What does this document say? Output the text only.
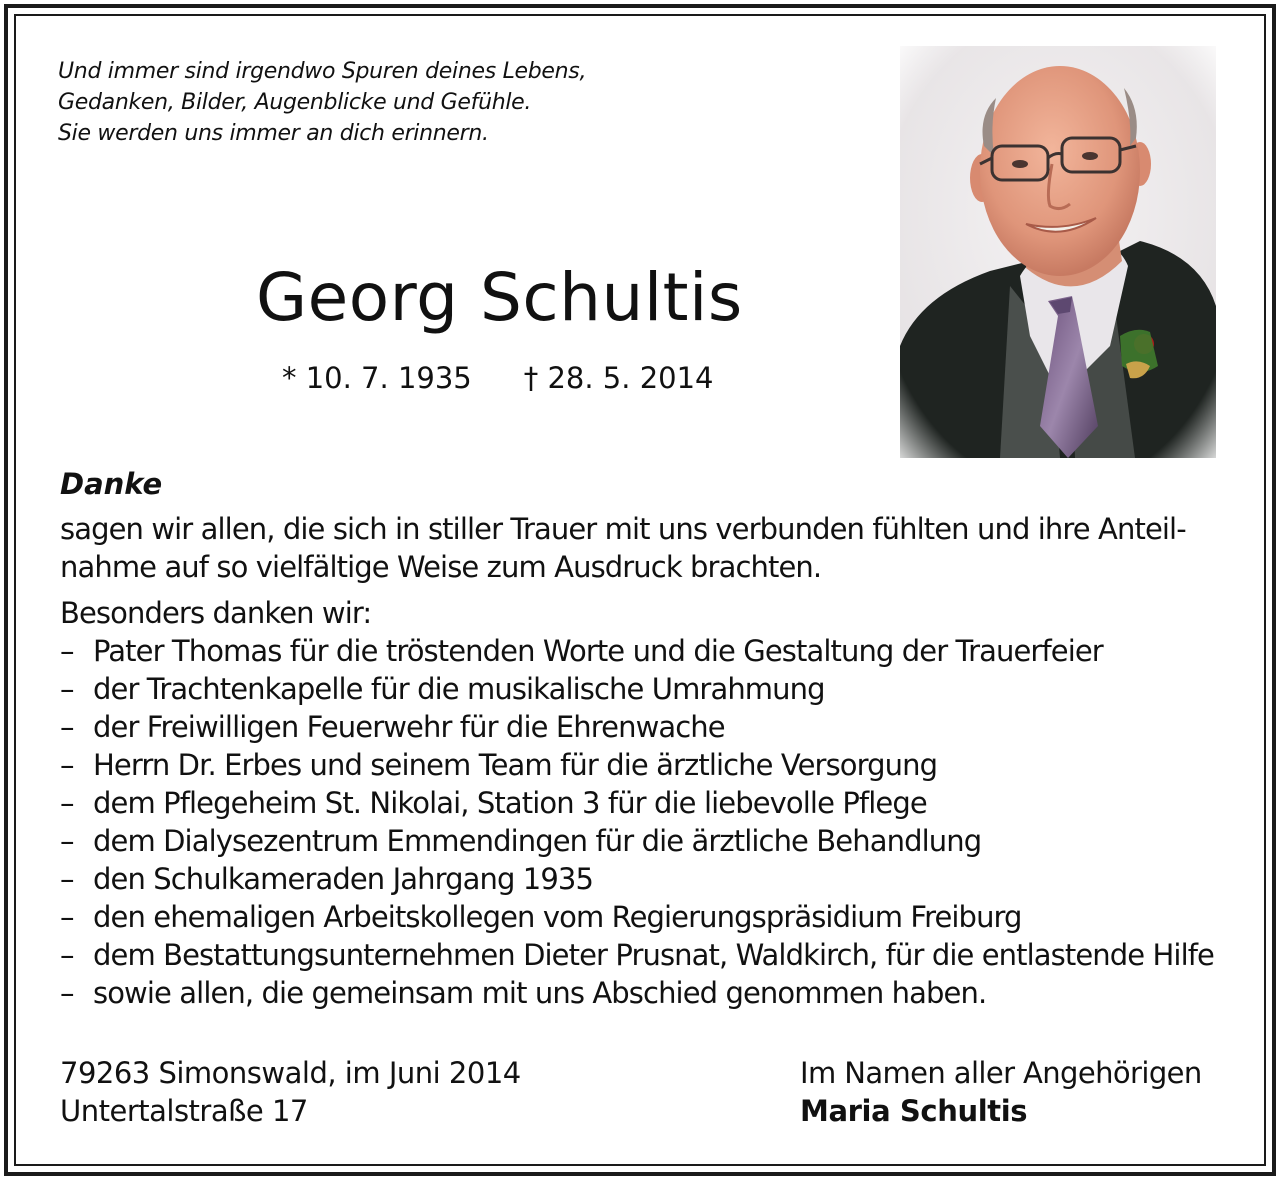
Und immer sind irgendwo Spuren deines Lebens,
Gedanken, Bilder, Augenblicke und Gefühle.
Sie werden uns immer an dich erinnern.
Georg Schultis
* 10. 7. 1935 † 28. 5. 2014
Danke
sagen wir allen, die sich in stiller Trauer mit uns verbunden fühlten und ihre Anteil-
nahme auf so vielfältige Weise zum Ausdruck brachten.
Besonders danken wir:
– Pater Thomas für die tröstenden Worte und die Gestaltung der Trauerfeier
– der Trachtenkapelle für die musikalische Umrahmung
– der Freiwilligen Feuerwehr für die Ehrenwache
– Herrn Dr. Erbes und seinem Team für die ärztliche Versorgung
– dem Pflegeheim St. Nikolai, Station 3 für die liebevolle Pflege
– dem Dialysezentrum Emmendingen für die ärztliche Behandlung
– den Schulkameraden Jahrgang 1935
– den ehemaligen Arbeitskollegen vom Regierungspräsidium Freiburg
– dem Bestattungsunternehmen Dieter Prusnat, Waldkirch, für die entlastende Hilfe
– sowie allen, die gemeinsam mit uns Abschied genommen haben.
79263 Simonswald, im Juni 2014
Untertalstraße 17
Im Namen aller Angehörigen
Maria Schultis
